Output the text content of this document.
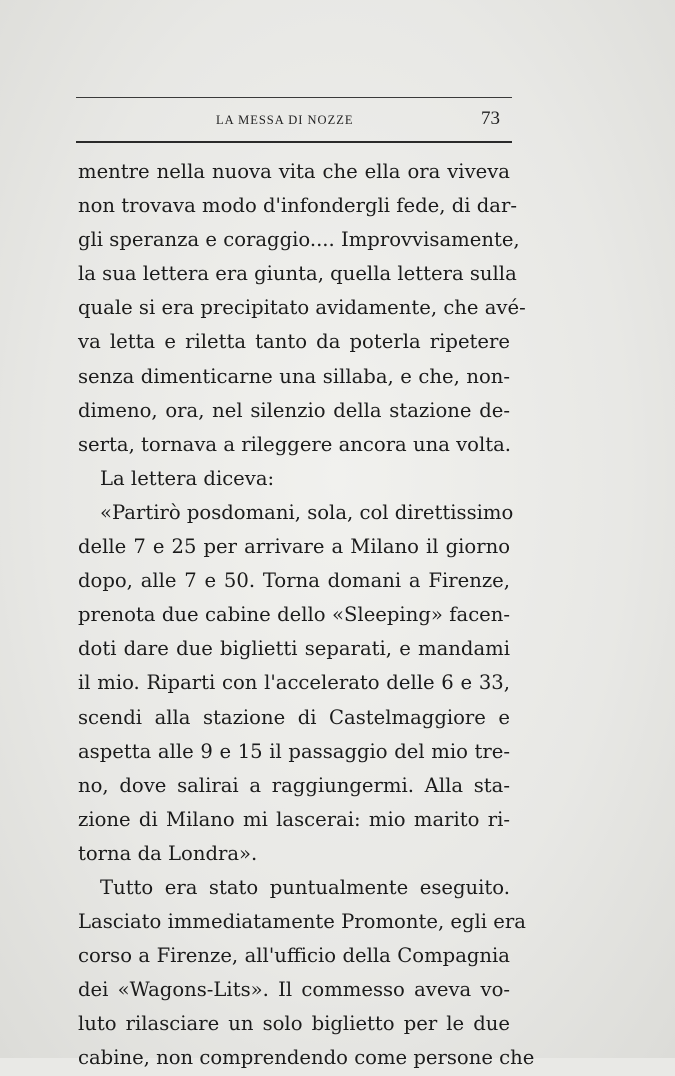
LA MESSA DI NOZZE	73
mentre nella nuova vita che ella ora viveva
non trovava modo d'infondergli fede, di dar-
gli speranza e coraggio.... Improvvisamente,
la sua lettera era giunta, quella lettera sulla
quale si era precipitato avidamente, che avé-
va letta e riletta tanto da poterla ripetere
senza dimenticarne una sillaba, e che, non-
dimeno, ora, nel silenzio della stazione de-
serta, tornava a rileggere ancora una volta.
La lettera diceva:
«Partirò posdomani, sola, col direttissimo
delle 7 e 25 per arrivare a Milano il giorno
dopo, alle 7 e 50. Torna domani a Firenze,
prenota due cabine dello «Sleeping» facen-
doti dare due biglietti separati, e mandami
il mio. Riparti con l'accelerato delle 6 e 33,
scendi alla stazione di Castelmaggiore e
aspetta alle 9 e 15 il passaggio del mio tre-
no, dove salirai a raggiungermi. Alla sta-
zione di Milano mi lascerai: mio marito ri-
torna da Londra».
Tutto era stato puntualmente eseguito.
Lasciato immediatamente Promonte, egli era
corso a Firenze, all'ufficio della Compagnia
dei «Wagons-Lits». Il commesso aveva vo-
luto rilasciare un solo biglietto per le due
cabine, non comprendendo come persone che
